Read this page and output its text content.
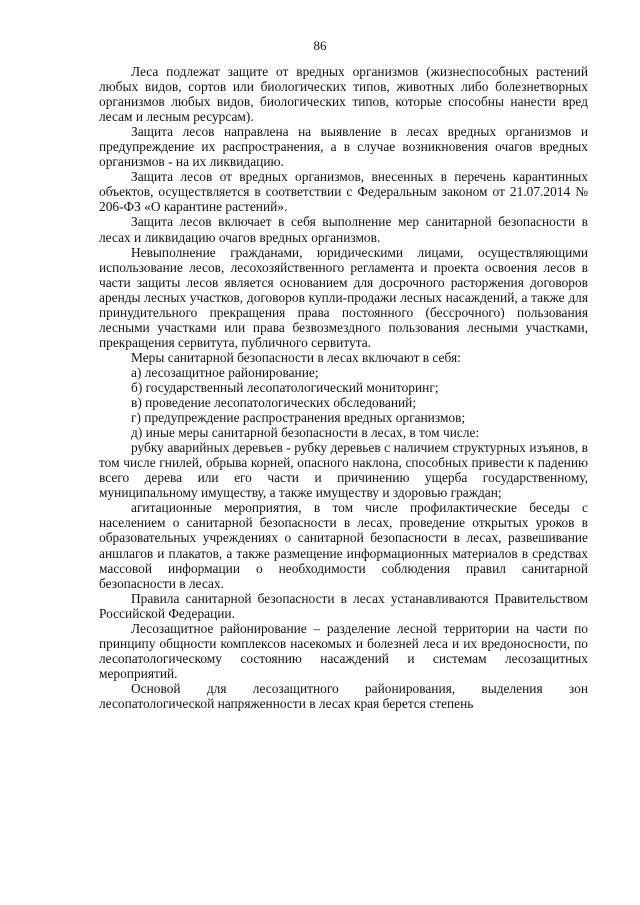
86

Леса подлежат защите от вредных организмов (жизнеспособных растений любых видов, сортов или биологических типов, животных либо болезнетворных организмов любых видов, биологических типов, которые способны нанести вред лесам и лесным ресурсам).

Защита лесов направлена на выявление в лесах вредных организмов и предупреждение их распространения, а в случае возникновения очагов вредных организмов - на их ликвидацию.

Защита лесов от вредных организмов, внесенных в перечень карантинных объектов, осуществляется в соответствии с Федеральным законом от 21.07.2014 № 206-ФЗ «О карантине растений».

Защита лесов включает в себя выполнение мер санитарной безопасности в лесах и ликвидацию очагов вредных организмов.

Невыполнение гражданами, юридическими лицами, осуществляющими использование лесов, лесохозяйственного регламента и проекта освоения лесов в части защиты лесов является основанием для досрочного расторжения договоров аренды лесных участков, договоров купли-продажи лесных насаждений, а также для принудительного прекращения права постоянного (бессрочного) пользования лесными участками или права безвозмездного пользования лесными участками, прекращения сервитута, публичного сервитута.

Меры санитарной безопасности в лесах включают в себя:

а) лесозащитное районирование;

б) государственный лесопатологический мониторинг;

в) проведение лесопатологических обследований;

г) предупреждение распространения вредных организмов;

д) иные меры санитарной безопасности в лесах, в том числе:

рубку аварийных деревьев - рубку деревьев с наличием структурных изъянов, в том числе гнилей, обрыва корней, опасного наклона, способных привести к падению всего дерева или его части и причинению ущерба государственному, муниципальному имуществу, а также имуществу и здоровью граждан;

агитационные мероприятия, в том числе профилактические беседы с населением о санитарной безопасности в лесах, проведение открытых уроков в образовательных учреждениях о санитарной безопасности в лесах, развешивание аншлагов и плакатов, а также размещение информационных материалов в средствах массовой информации о необходимости соблюдения правил санитарной безопасности в лесах.

Правила санитарной безопасности в лесах устанавливаются Правительством Российской Федерации.

Лесозащитное районирование – разделение лесной территории на части по принципу общности комплексов насекомых и болезней леса и их вредоносности, по лесопатологическому состоянию насаждений и системам лесозащитных мероприятий.

Основой для лесозащитного районирования, выделения зон лесопатологической напряженности в лесах края берется степень
